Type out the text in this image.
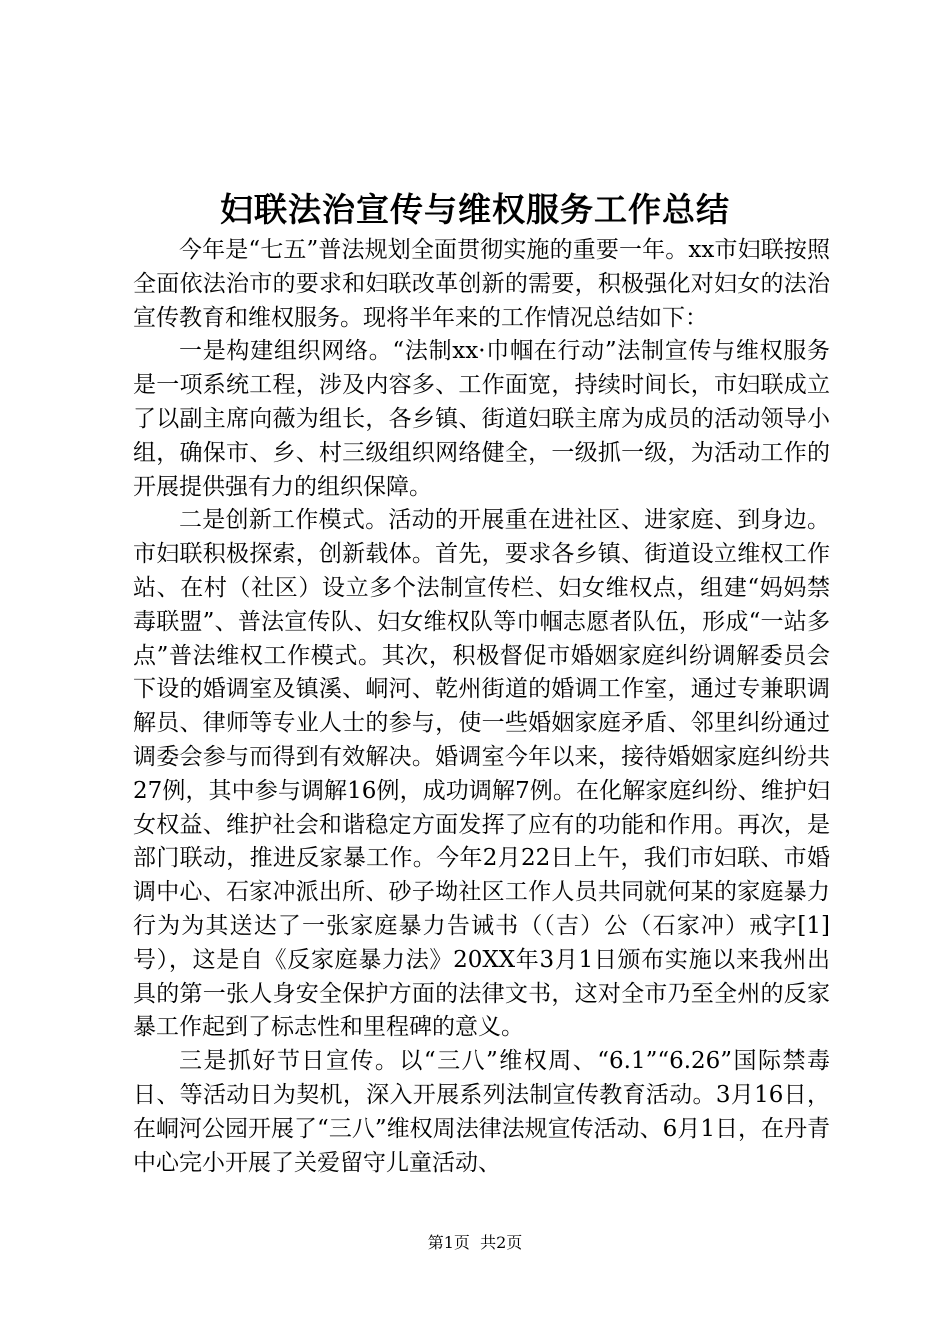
妇联法治宣传与维权服务工作总结

今年是“七五”普法规划全面贯彻实施的重要一年。xx市妇联按照全面依法治市的要求和妇联改革创新的需要，积极强化对妇女的法治宣传教育和维权服务。现将半年来的工作情况总结如下：

一是构建组织网络。“法制xx·巾帼在行动”法制宣传与维权服务是一项系统工程，涉及内容多、工作面宽，持续时间长，市妇联成立了以副主席向薇为组长，各乡镇、街道妇联主席为成员的活动领导小组，确保市、乡、村三级组织网络健全，一级抓一级，为活动工作的开展提供强有力的组织保障。

二是创新工作模式。活动的开展重在进社区、进家庭、到身边。市妇联积极探索，创新载体。首先，要求各乡镇、街道设立维权工作站、在村（社区）设立多个法制宣传栏、妇女维权点，组建“妈妈禁毒联盟”、普法宣传队、妇女维权队等巾帼志愿者队伍，形成“一站多点”普法维权工作模式。其次，积极督促市婚姻家庭纠纷调解委员会下设的婚调室及镇溪、峒河、乾州街道的婚调工作室，通过专兼职调解员、律师等专业人士的参与，使一些婚姻家庭矛盾、邻里纠纷通过调委会参与而得到有效解决。婚调室今年以来，接待婚姻家庭纠纷共27例，其中参与调解16例，成功调解7例。在化解家庭纠纷、维护妇女权益、维护社会和谐稳定方面发挥了应有的功能和作用。再次，是部门联动，推进反家暴工作。今年2月22日上午，我们市妇联、市婚调中心、石家冲派出所、砂子坳社区工作人员共同就何某的家庭暴力行为为其送达了一张家庭暴力告诫书（（吉）公（石家冲）戒字[1]号），这是自《反家庭暴力法》20XX年3月1日颁布实施以来我州出具的第一张人身安全保护方面的法律文书，这对全市乃至全州的反家暴工作起到了标志性和里程碑的意义。

三是抓好节日宣传。以“三八”维权周、“6.1”“6.26”国际禁毒日、等活动日为契机，深入开展系列法制宣传教育活动。3月16日，在峒河公园开展了“三八”维权周法律法规宣传活动、6月1日，在丹青中心完小开展了关爱留守儿童活动、

第1页  共2页
